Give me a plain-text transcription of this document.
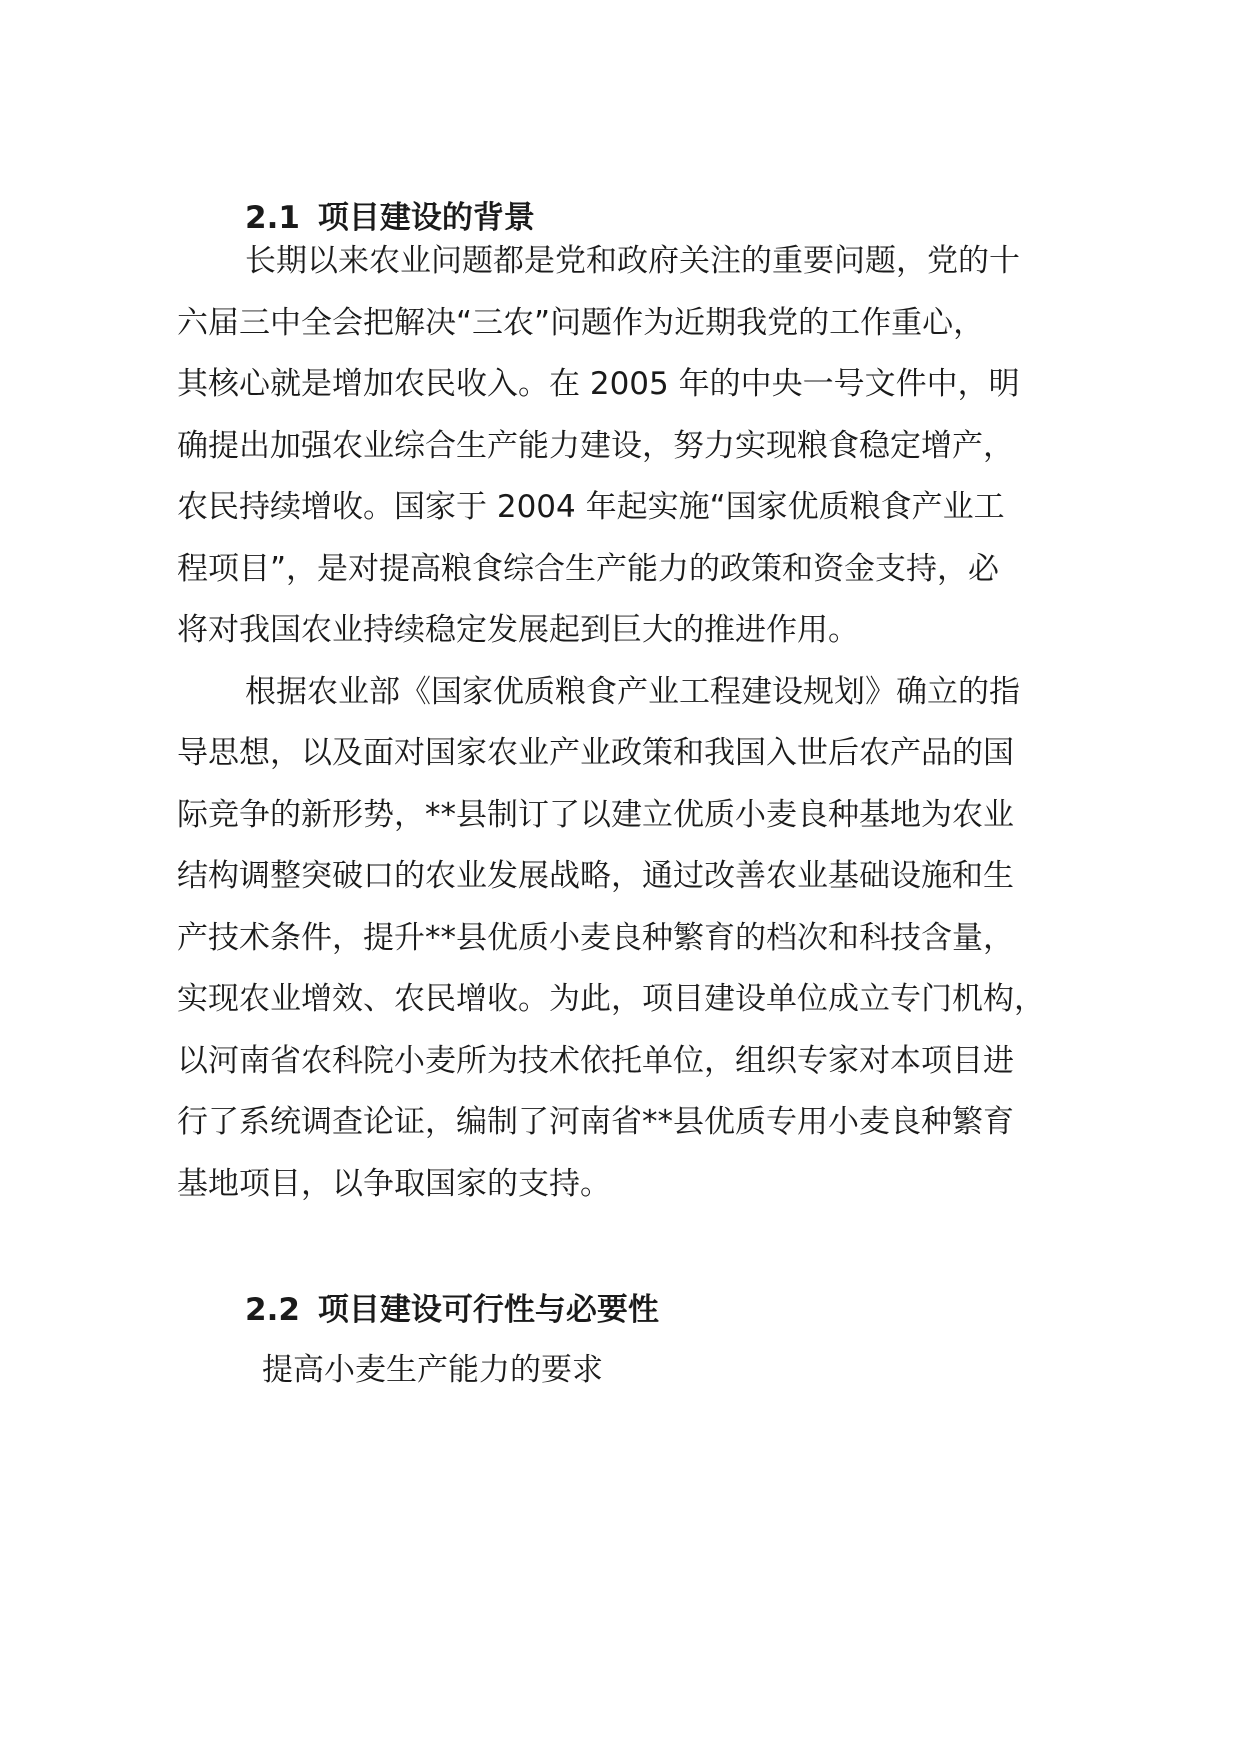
2.1 项目建设的背景

长期以来农业问题都是党和政府关注的重要问题，党的十

六届三中全会把解决“三农”问题作为近期我党的工作重心，

其核心就是增加农民收入。在 2005 年的中央一号文件中，明

确提出加强农业综合生产能力建设，努力实现粮食稳定增产，

农民持续增收。国家于 2004 年起实施“国家优质粮食产业工

程项目”，是对提高粮食综合生产能力的政策和资金支持，必

将对我国农业持续稳定发展起到巨大的推进作用。

根据农业部《国家优质粮食产业工程建设规划》确立的指

导思想，以及面对国家农业产业政策和我国入世后农产品的国

际竞争的新形势，**县制订了以建立优质小麦良种基地为农业

结构调整突破口的农业发展战略，通过改善农业基础设施和生

产技术条件，提升**县优质小麦良种繁育的档次和科技含量，

实现农业增效、农民增收。为此，项目建设单位成立专门机构，

以河南省农科院小麦所为技术依托单位，组织专家对本项目进

行了系统调查论证，编制了河南省**县优质专用小麦良种繁育

基地项目，以争取国家的支持。

2.2 项目建设可行性与必要性

提高小麦生产能力的要求
